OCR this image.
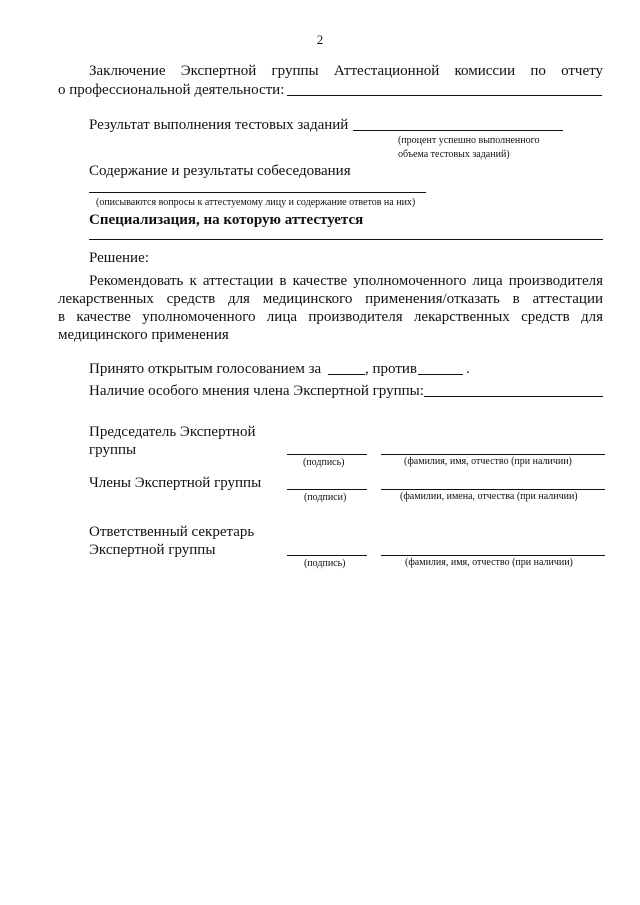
2
Заключение Экспертной группы Аттестационной комиссии по отчету
о профессиональной деятельности:
Результат выполнения тестовых заданий
(процент успешно выполненного
объема тестовых заданий)
Содержание и результаты собеседования
(описываются вопросы к аттестуемому лицу и содержание ответов на них)
Специализация, на которую аттестуется
Решение:
Рекомендовать к аттестации в качестве уполномоченного лица производителя
лекарственных средств для медицинского применения/отказать в аттестации
в качестве уполномоченного лица производителя лекарственных средств для
медицинского применения
Принято открытым голосованием за	, против	.
Наличие особого мнения члена Экспертной группы:
Председатель Экспертной
группы
(подпись)	(фамилия, имя, отчество (при наличии)
Члены Экспертной группы
(подписи)	(фамилии, имена, отчества (при наличии)
Ответственный секретарь
Экспертной группы
(подпись)	(фамилия, имя, отчество (при наличии)
